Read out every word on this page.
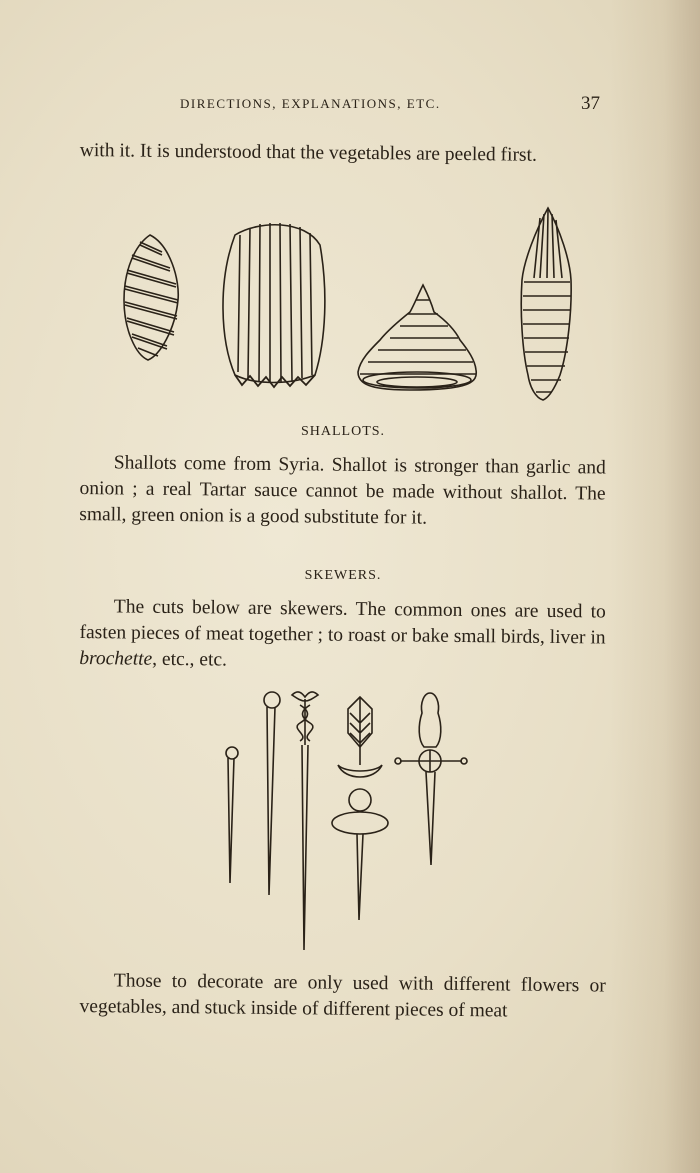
DIRECTIONS, EXPLANATIONS, ETC.	37

with it. It is understood that the vegetables are peeled first.

SHALLOTS.

Shallots come from Syria. Shallot is stronger than garlic and onion ; a real Tartar sauce cannot be made without shallot. The small, green onion is a good substitute for it.

SKEWERS.

The cuts below are skewers. The common ones are used to fasten pieces of meat together ; to roast or bake small birds, liver in brochette, etc., etc.

Those to decorate are only used with different flowers or vegetables, and stuck inside of different pieces of meat
